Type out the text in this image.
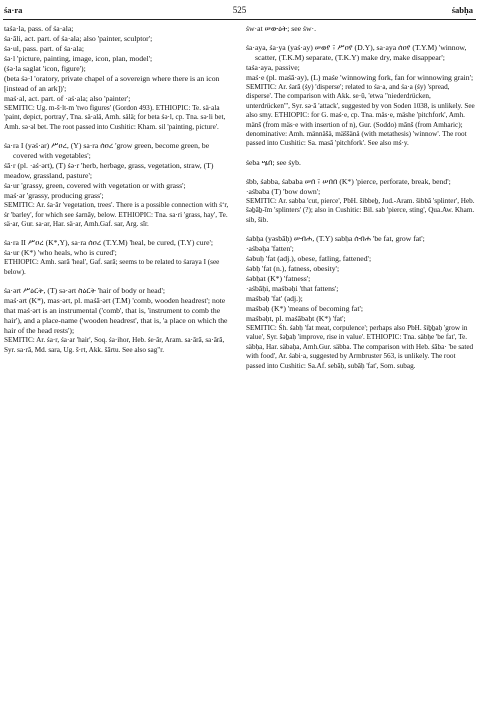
śa·ra	525	śabḥa

taśa·la, pass. of śa·ala;

śa·āli, act. part. of śa·ala; also 'painter, sculptor';

śə·ul, pass. part. of śa·ala;

śə·l 'picture, painting, image, icon, plan, model';

(śə·la saglat 'icon, figure');

(beta śə·l 'oratory, private chapel of a sovereign where there is an icon [instead of an ark])';

maś·al, act. part. of ·aś·ala; also 'painter';

SEMITIC: Ug. m-š·lt-m 'two figures' (Gordon 493). ETHIOPIC: Te. sä·ala 'paint, depict, portray', Tna. sä·alä, Amh. sälä; for beta śə·l, cp. Tna. sə·li bet, Amh. sə·əl bet. The root passed into Cushitic: Kham. sil 'painting, picture'.

śa·ra I (yəś·ar) ሥዐረ, (Y) sa·ra ሰዐረ 'grow green, become green, be covered with vegetables';

śā·r (pl. ·aś·ərt), (T) śə·r 'herb, herbage, grass, vegetation, straw, (T) meadow, grassland, pasture';

śa·ur 'grassy, green, covered with vegetation or with grass';

maś·ər 'grassy, producing grass';

SEMITIC: Ar. śa·ār 'vegetation, trees'. There is a possible connection with śʻr, śr 'barley', for which see śarnāy, below. ETHIOPIC: Tna. sa·ri 'grass, hay', Te. sä·ar, Gur. sa·ar, Har. sä·ar, Amh.Gaf. sar, Arg. sīr.

śa·ra II ሥዐረ (K*,Y), sa·ra ሰዐረ (T.Y.M) 'heal, be cured, (T.Y) cure';

śa·ur (K*) 'who heals, who is cured';

ETHIOPIC: Amh. sarā 'heal', Gaf. sarā; seems to be related to śaraya I (see below).

śa·ərt ሥዕርት, (T) sə·ərt ስዕርት 'hair of body or head';

maś·ərt (K*), mas·ərt, pl. maśā·ərt (T.M) 'comb, wooden headrest'; note that maś·ərt is an instrumental ('comb', that is, 'instrument to comb the hair'), and a place-name ('wooden headrest', that is, 'a place on which the hair of the head rests');

SEMITIC: Ar. śa·r, śa·ar 'hair', Soq. śa·ihor, Heb. śe·ār, Aram. sa·ārā, sa·ārā, Syr. sa·rā, Md. sara, Ug. š·rt, Akk. šārtu. See also sag"r.

św·at ሠውዕት; see św·.

śa·aya, śa·ya (yaś·ay) ሠወየ ፣ ሥዐየ (D.Y), sa·aya ሰዐየ (T.Y.M) 'winnow, scatter, (T.K.M) separate, (T.K.Y) make dry, make disappear';

taśa·aya, passive;

maś·e (pl. maśā·əy), (L) maśe 'winnowing fork, fan for winnowing grain';

SEMITIC: Ar. śarā (śy) 'disperse'; related to śa·a, and śa·a (śy) 'spread, disperse'. The comparison with Akk. se·ū, 'etwa "niederdrücken, unterdrücken"', Syr. sə·ā 'attack', suggested by von Soden 1038, is unlikely. See also smy. ETHIOPIC: for G. maś·e, cp. Tna. mäs·e, mäshe 'pitchfork', Amh. mänš (from mäs·e with insertion of n), Gur. (Soddo) mānš (from Amharic); denominative: Amh. männäšä, mäššänä (with metathesis) 'winnow'. The root passed into Cushitic: Sa. masā 'pitchfork'. See also mś·y.

śeba ሤበ; see śyb.

śbb, śabba, śababa ሠበ ፣ ሠበበ (K*) 'pierce, perforate, break, bend';

·aśbaba (T) 'bow down';

SEMITIC: Ar. sabba 'cut, pierce', PbH. šibbeḇ, Jud.-Aram. šibbā 'splinter', Heb. šəḇāḇ-īm 'splinters' (?); also in Cushitic: Bil. sab 'pierce, sting', Qua.Aw. Kham. sib, šib.

śabḥa (yəsbāḥ) ሠብሐ, (T.Y) sabḥa ሰብሐ 'be fat, grow fat';

·aśbəḥa 'fatten';

śəbuḥ 'fat (adj.), obese, fatling, fattened';

śəbḥ 'fat (n.), fatness, obesity';

śəbḥat (K*) 'fatness';

·aśbāḥi, maśbəḥi 'that fattens';

maśbəḥ 'fat' (adj.);

maśbəḥ (K*) 'means of becoming fat';

maśbəḥt, pl. maśābəḥt (K*) 'fat';

SEMITIC: Śh. śabḥ 'fat meat, corpulence'; perhaps also PbH. šiḇḇaḥ 'grow in value', Syr. šəḇaḥ 'improve, rise in value'. ETHIOPIC: Tna. säbḥe 'be fat', Te. säbḥa, Har. säbaḥa, Amh.Gur. säbba. The comparison with Heb. śāba· 'be sated with food', Ar. śabi·a, suggested by Armbruster 563, is unlikely. The root passed into Cushitic: Sa.Af. sebāḥ, subāḥ 'fat', Som. subag.
